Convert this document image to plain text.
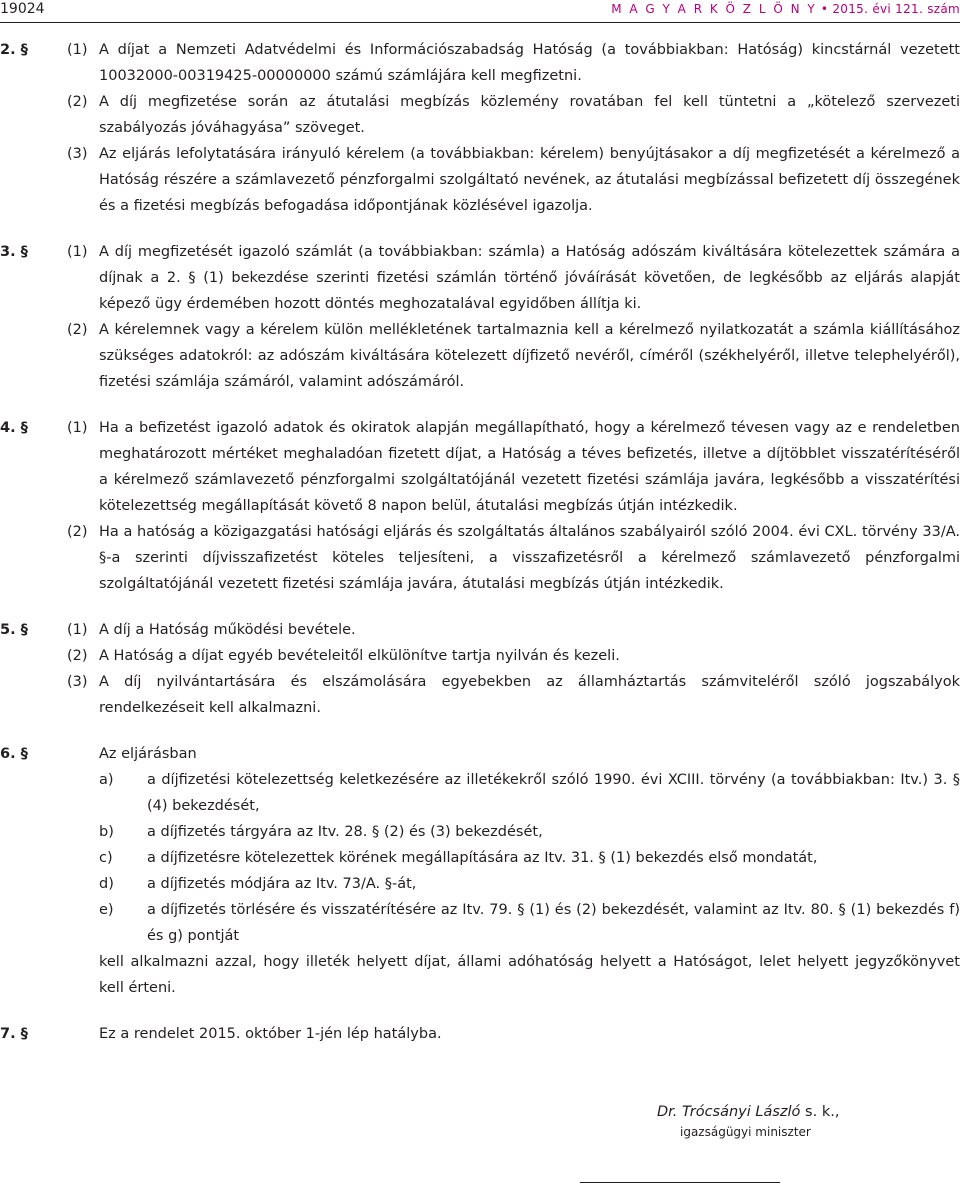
19024	M A G Y A R K Ö Z L Ö N Y • 2015. évi 121. szám
2. §	(1) A díjat a Nemzeti Adatvédelmi és Információszabadság Hatóság (a továbbiakban: Hatóság) kincstárnál vezetett 10032000-00319425-00000000 számú számlájára kell megfizetni.
(2) A díj megfizetése során az átutalási megbízás közlemény rovatában fel kell tüntetni a „kötelező szervezeti szabályozás jóváhagyása” szöveget.
(3) Az eljárás lefolytatására irányuló kérelem (a továbbiakban: kérelem) benyújtásakor a díj megfizetését a kérelmező a Hatóság részére a számlavezető pénzforgalmi szolgáltató nevének, az átutalási megbízással befizetett díj összegének és a fizetési megbízás befogadása időpontjának közlésével igazolja.
3. §	(1) A díj megfizetését igazoló számlát (a továbbiakban: számla) a Hatóság adószám kiváltására kötelezettek számára a díjnak a 2. § (1) bekezdése szerinti fizetési számlán történő jóváírását követően, de legkésőbb az eljárás alapját képező ügy érdemében hozott döntés meghozatalával egyidőben állítja ki.
(2) A kérelemnek vagy a kérelem külön mellékletének tartalmaznia kell a kérelmező nyilatkozatát a számla kiállításához szükséges adatokról: az adószám kiváltására kötelezett díjfizető nevéről, címéről (székhelyéről, illetve telephelyéről), fizetési számlája számáról, valamint adószámáról.
4. §	(1) Ha a befizetést igazoló adatok és okiratok alapján megállapítható, hogy a kérelmező tévesen vagy az e rendeletben meghatározott mértéket meghaladóan fizetett díjat, a Hatóság a téves befizetés, illetve a díjtöbblet visszatérítéséről a kérelmező számlavezető pénzforgalmi szolgáltatójánál vezetett fizetési számlája javára, legkésőbb a visszatérítési kötelezettség megállapítását követő 8 napon belül, átutalási megbízás útján intézkedik.
(2) Ha a hatóság a közigazgatási hatósági eljárás és szolgáltatás általános szabályairól szóló 2004. évi CXL. törvény 33/A. §-a szerinti díjvisszafizetést köteles teljesíteni, a visszafizetésről a kérelmező számlavezető pénzforgalmi szolgáltatójánál vezetett fizetési számlája javára, átutalási megbízás útján intézkedik.
5. §	(1) A díj a Hatóság működési bevétele.
(2) A Hatóság a díjat egyéb bevételeitől elkülönítve tartja nyilván és kezeli.
(3) A díj nyilvántartására és elszámolására egyebekben az államháztartás számviteléről szóló jogszabályok rendelkezéseit kell alkalmazni.
6. §	Az eljárásban
a) a díjfizetési kötelezettség keletkezésére az illetékekről szóló 1990. évi XCIII. törvény (a továbbiakban: Itv.) 3. § (4) bekezdését,
b) a díjfizetés tárgyára az Itv. 28. § (2) és (3) bekezdését,
c) a díjfizetésre kötelezettek körének megállapítására az Itv. 31. § (1) bekezdés első mondatát,
d) a díjfizetés módjára az Itv. 73/A. §-át,
e) a díjfizetés törlésére és visszatérítésére az Itv. 79. § (1) és (2) bekezdését, valamint az Itv. 80. § (1) bekezdés f) és g) pontját
kell alkalmazni azzal, hogy illeték helyett díjat, állami adóhatóság helyett a Hatóságot, lelet helyett jegyzőkönyvet kell érteni.
7. §	Ez a rendelet 2015. október 1-jén lép hatályba.
Dr. Trócsányi László s. k.,
igazságügyi miniszter
